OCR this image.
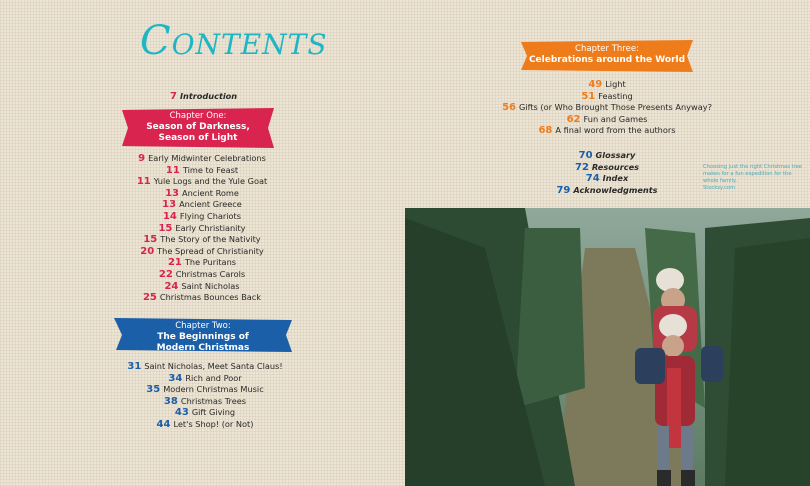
Contents
7 Introduction
Chapter One:
Season of Darkness,
Season of Light
9 Early Midwinter Celebrations
11 Time to Feast
11 Yule Logs and the Yule Goat
13 Ancient Rome
13 Ancient Greece
14 Flying Chariots
15 Early Christianity
15 The Story of the Nativity
20 The Spread of Christianity
21 The Puritans
22 Christmas Carols
24 Saint Nicholas
25 Christmas Bounces Back
Chapter Two:
The Beginnings of
Modern Christmas
31 Saint Nicholas, Meet Santa Claus!
34 Rich and Poor
35 Modern Christmas Music
38 Christmas Trees
43 Gift Giving
44 Let's Shop! (or Not)
Chapter Three:
Celebrations around the World
49 Light
51 Feasting
56 Gifts (or Who Brought Those Presents Anyway?
62 Fun and Games
68 A final word from the authors
70 Glossary
72 Resources
74 Index
79 Acknowledgments
Choosing just the right Christmas tree makes for a fun expedition for the whole family.
Stocksy.com
